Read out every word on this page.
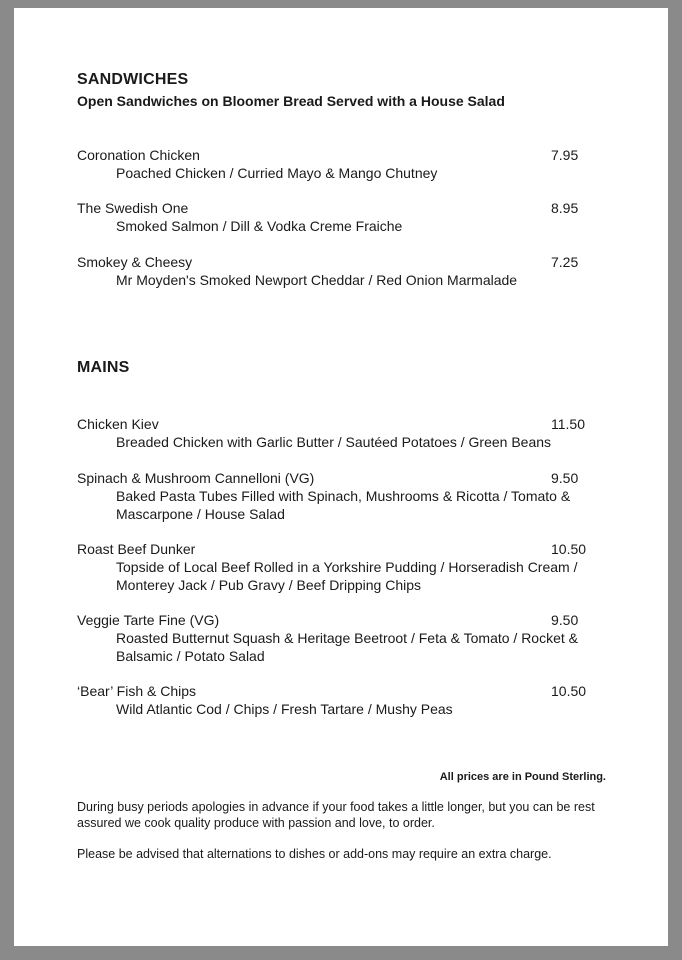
SANDWICHES
Open Sandwiches on Bloomer Bread Served with a House Salad
Coronation Chicken	7.95
Poached Chicken / Curried Mayo & Mango Chutney
The Swedish One	8.95
Smoked Salmon / Dill & Vodka Creme Fraiche
Smokey & Cheesy	7.25
Mr Moyden's Smoked Newport Cheddar / Red Onion Marmalade
MAINS
Chicken Kiev	11.50
Breaded Chicken with Garlic Butter / Sautéed Potatoes / Green Beans
Spinach & Mushroom Cannelloni (VG)	9.50
Baked Pasta Tubes Filled with Spinach, Mushrooms & Ricotta / Tomato & Mascarpone / House Salad
Roast Beef Dunker	10.50
Topside of Local Beef Rolled in a Yorkshire Pudding / Horseradish Cream / Monterey Jack / Pub Gravy / Beef Dripping Chips
Veggie Tarte Fine (VG)	9.50
Roasted Butternut Squash & Heritage Beetroot / Feta & Tomato / Rocket & Balsamic / Potato Salad
‘Bear’ Fish & Chips	10.50
Wild Atlantic Cod / Chips / Fresh Tartare / Mushy Peas
All prices are in Pound Sterling.
During busy periods apologies in advance if your food takes a little longer, but you can be rest assured we cook quality produce with passion and love, to order.
Please be advised that alternations to dishes or add-ons may require an extra charge.
